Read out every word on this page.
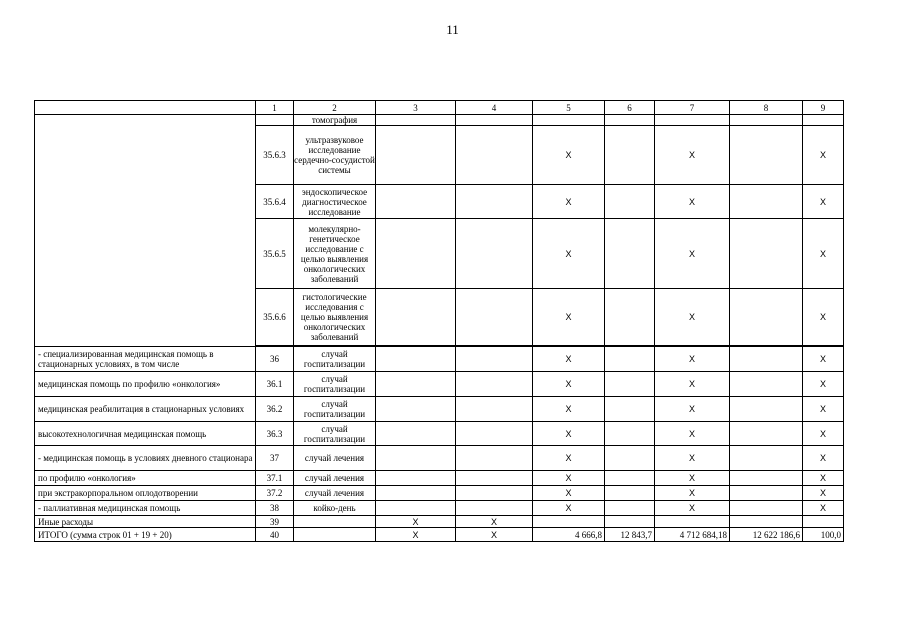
11
	1	2	3	4	5	6	7	8	9
		томография							
	35.6.3	ультразвуковое исследование сердечно-сосудистой системы			X		X		X
	35.6.4	эндоскопическое диагностическое исследование			X		X		X
	35.6.5	молекулярно-генетическое исследование с целью выявления онкологических заболеваний			X		X		X
	35.6.6	гистологические исследования с целью выявления онкологических заболеваний			X		X		X

- специализированная медицинская помощь в стационарных условиях, в том числе	36	случай госпитализации			X		X		X
медицинская помощь по профилю «онкология»	36.1	случай госпитализации			X		X		X
медицинская реабилитация в стационарных условиях	36.2	случай госпитализации			X		X		X
высокотехнологичная медицинская помощь	36.3	случай госпитализации			X		X		X
- медицинская помощь в условиях дневного стационара	37	случай лечения			X		X		X
по профилю «онкология»	37.1	случай лечения			X		X		X
при экстракорпоральном оплодотворении	37.2	случай лечения			X		X		X
- паллиативная медицинская помощь	38	койко-день			X		X		X
Иные расходы	39		X	X					
ИТОГО (сумма строк 01 + 19 + 20)	40		X	X	4 666,8	12 843,7	4 712 684,18	12 622 186,6	100,0
